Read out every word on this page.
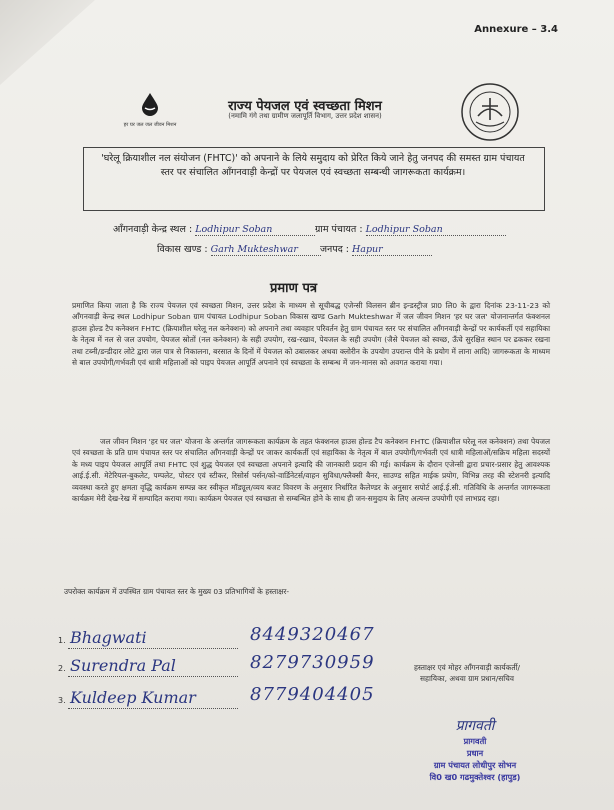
Annexure – 3.4
हर घर जल जल जीवन मिशन
राज्य पेयजल एवं स्वच्छता मिशन
(नमामि गंगे तथा ग्रामीण जलापूर्ति विभाग, उत्तर प्रदेश शासन)
'घरेलू क्रियाशील नल संयोजन (FHTC)' को अपनाने के लिये समुदाय को प्रेरित किये जाने हेतु जनपद की समस्त ग्राम पंचायत स्तर पर संचालित आँगनवाड़ी केन्द्रों पर पेयजल एवं स्वच्छता सम्बन्धी जागरूकता कार्यक्रम।
आँगनवाड़ी केन्द्र स्थल : Lodhipur Soban	ग्राम पंचायत : Lodhipur Soban
विकास खण्ड : Garh Mukteshwar	जनपद : Hapur
प्रमाण पत्र
प्रमाणित किया जाता है कि राज्य पेयजल एवं स्वच्छता मिशन, उत्तर प्रदेश के माध्यम से सूचीबद्ध एजेन्सी विलसन ब्रीन इन्डस्ट्रीज प्रा0 लि0 के द्वारा दिनांक 23-11-23 को आँगनवाड़ी केन्द्र स्थल Lodhipur Soban ग्राम पंचायत Lodhipur Soban विकास खण्ड Garh Mukteshwar में जल जीवन मिशन 'हर घर जल' योजनान्तर्गत फंक्शनल हाउस होल्ड टैप कनेक्शन FHTC (क्रियाशील घरेलू नल कनेक्शन) को अपनाने तथा व्यवहार परिवर्तन हेतु ग्राम पंचायत स्तर पर संचालित आँगनवाड़ी केन्द्रों पर कार्यकर्ती एवं सहायिका के नेतृत्व में नल से जल उपयोग, पेयजल स्रोतों (नल कनेक्शन) के सही उपयोग, रख-रखाव, पेयजल के सही उपयोग (जैसे पेयजल को स्वच्छ, ऊँचे सुरक्षित स्थान पर ढककर रखना तथा टब्नी/डन्डीदार लोटे द्वारा जल पात्र से निकालना, बरसात के दिनों में पेयजल को उबालकर अथवा क्लोरीन के उपयोग उपरान्त पीने के प्रयोग में लाना आदि) जागरूकता के माध्यम से बाल उपयोगी/गर्भवती एवं धात्री महिलाओं को पाइप पेयजल आपूर्ति अपनाने एवं स्वच्छता के सम्बन्ध में जन-मानस को अवगत कराया गया।
जल जीवन मिशन 'हर घर जल' योजना के अन्तर्गत जागरूकता कार्यक्रम के तहत फंक्शनल हाउस होल्ड टैप कनेक्शन FHTC (क्रियाशील घरेलू नल कनेक्शन) तथा पेयजल एवं स्वच्छता के प्रति ग्राम पंचायत स्तर पर संचालित आँगनवाड़ी केन्द्रों पर जाकर कार्यकर्ती एवं सहायिका के नेतृत्व में बाल उपयोगी/गर्भवती एवं धात्री महिलाओं/सक्रिय महिला सदस्यों के मध्य पाइप पेयजल आपूर्ति तथा FHTC एवं शुद्ध पेयजल एवं स्वच्छता अपनाने इत्यादि की जानकारी प्रदान की गई। कार्यक्रम के दौरान एजेन्सी द्वारा प्रचार-प्रसार हेतु आवश्यक आई.ई.सी. मेटेरियल-बुकलेट, पम्पलेट, पोस्टर एवं स्टीकर, रिसोर्स पर्सन/को-वार्डिनेटर्स/वाहन सुविधा/फ्लैक्सी बैनर, साउण्ड सहित माईक प्रयोग, विभिन्न तरह की स्टेशनरी इत्यादि व्यवस्था करते हुए क्षमता वृद्धि कार्यक्रम सम्पन्न कर स्वीकृत मॉड्यूल/व्यय बजट विवरण के अनुसार निर्धारित कैलेण्डर के अनुसार सपोर्ट आई.ई.सी. गतिविधि के अन्तर्गत जागरूकता कार्यक्रम मेरी देख-रेख में सम्पादित कराया गया। कार्यक्रम पेयजल एवं स्वच्छता से सम्बन्धित होने के साथ ही जन-समुदाय के लिए अत्यन्त उपयोगी एवं लाभप्रद रहा।
उपरोक्त कार्यक्रम में उपस्थित ग्राम पंचायत स्तर के मुख्य 03 प्रतिभागियों के हस्ताक्षर-
1. Bhagwati	8449320467
2. Surendra Pal	8279730959
3. Kuldeep Kumar	8779404405
हस्ताक्षर एवं मोहर आँगनवाड़ी कार्यकर्ती/सहायिका, अथवा ग्राम प्रधान/सचिव
प्रागवती
प्रागवती
प्रधान
ग्राम पंचायत लोधीपुर सोभन
वि0 ख0 गढमुक्तेश्वर (हापुड)
